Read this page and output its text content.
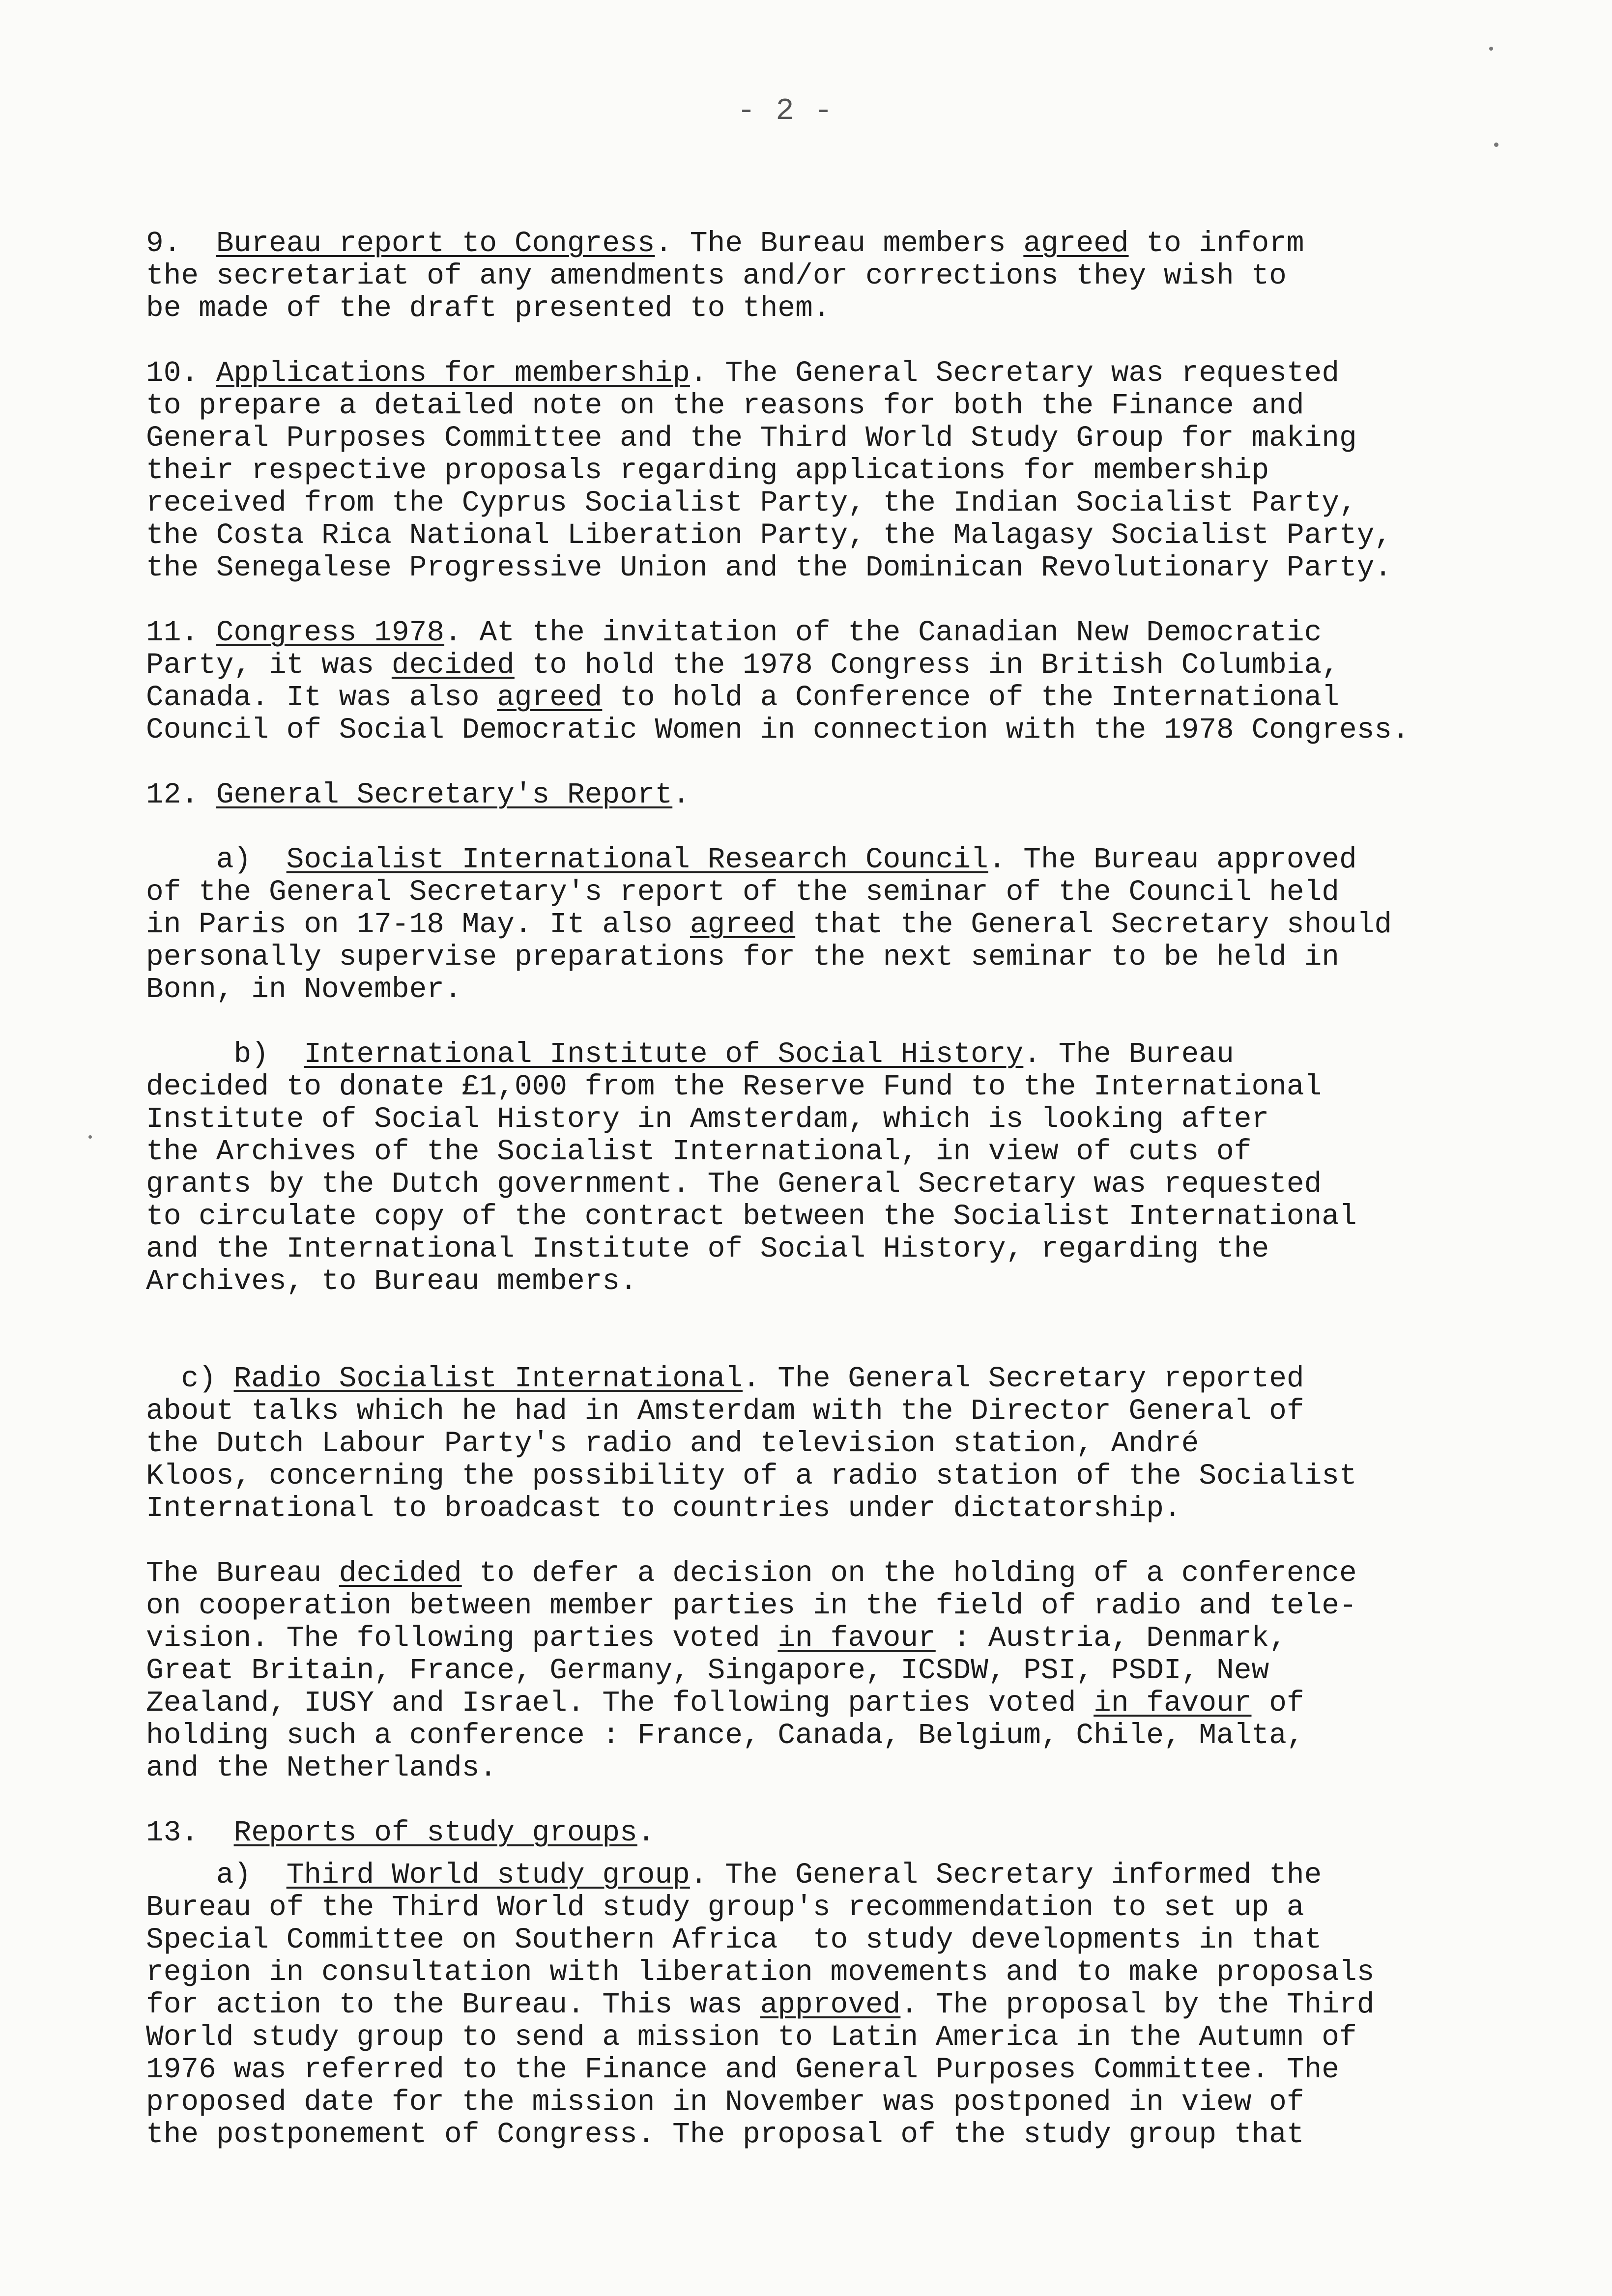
- 2 -

9. Bureau report to Congress. The Bureau members agreed to inform
the secretariat of any amendments and/or corrections they wish to
be made of the draft presented to them.

10. Applications for membership. The General Secretary was requested
to prepare a detailed note on the reasons for both the Finance and
General Purposes Committee and the Third World Study Group for making
their respective proposals regarding applications for membership
received from the Cyprus Socialist Party, the Indian Socialist Party,
the Costa Rica National Liberation Party, the Malagasy Socialist Party,
the Senegalese Progressive Union and the Dominican Revolutionary Party.

11. Congress 1978. At the invitation of the Canadian New Democratic
Party, it was decided to hold the 1978 Congress in British Columbia,
Canada. It was also agreed to hold a Conference of the International
Council of Social Democratic Women in connection with the 1978 Congress.

12. General Secretary's Report.

a)  Socialist International Research Council. The Bureau approved
of the General Secretary's report of the seminar of the Council held
in Paris on 17-18 May. It also agreed that the General Secretary should
personally supervise preparations for the next seminar to be held in
Bonn, in November.

b)  International Institute of Social History. The Bureau
decided to donate £1,000 from the Reserve Fund to the International
Institute of Social History in Amsterdam, which is looking after
the Archives of the Socialist International, in view of cuts of
grants by the Dutch government. The General Secretary was requested
to circulate copy of the contract between the Socialist International
and the International Institute of Social History, regarding the
Archives, to Bureau members.

c) Radio Socialist International. The General Secretary reported
about talks which he had in Amsterdam with the Director General of
the Dutch Labour Party's radio and television station, André
Kloos, concerning the possibility of a radio station of the Socialist
International to broadcast to countries under dictatorship.

The Bureau decided to defer a decision on the holding of a conference
on cooperation between member parties in the field of radio and tele-
vision. The following parties voted in favour : Austria, Denmark,
Great Britain, France, Germany, Singapore, ICSDW, PSI, PSDI, New
Zealand, IUSY and Israel. The following parties voted in favour of
holding such a conference : France, Canada, Belgium, Chile, Malta,
and the Netherlands.

13. Reports of study groups.

a)  Third World study group. The General Secretary informed the
Bureau of the Third World study group's recommendation to set up a
Special Committee on Southern Africa  to study developments in that
region in consultation with liberation movements and to make proposals
for action to the Bureau. This was approved. The proposal by the Third
World study group to send a mission to Latin America in the Autumn of
1976 was referred to the Finance and General Purposes Committee. The
proposed date for the mission in November was postponed in view of
the postponement of Congress. The proposal of the study group that
